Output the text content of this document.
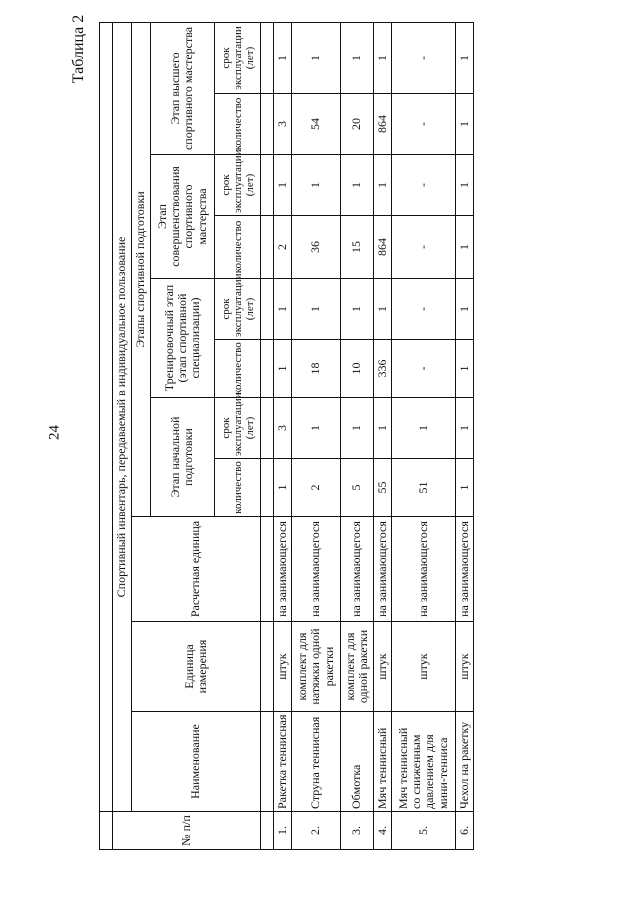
24
Таблица 2

№ п/п	Спортивный инвентарь, передаваемый в индивидуальное пользование										
	Наименование	Единица измерения	Расчетная единица	Этапы спортивной подготовки							
				Этап начальной подготовки		Тренировочный этап (этап спортивной специализации)		Этап совершенствования спортивного мастерства		Этап высшего спортивного мастерства	
				количество	срок эксплуатации (лет)	количество	срок эксплуатации (лет)	количество	срок эксплуатации (лет)	количество	срок эксплуатации (лет)

1.	Ракетка теннисная	штук	на занимающегося	1	3	1	1	2	1	3	1
2.	Струна теннисная	комплект для натяжки одной ракетки	на занимающегося	2	1	18	1	36	1	54	1
3.	Обмотка	комплект для одной ракетки	на занимающегося	5	1	10	1	15	1	20	1
4.	Мяч теннисный	штук	на занимающегося	55	1	336	1	864	1	864	1
5.	Мяч теннисный со сниженным давлением для мини-тенниса	штук	на занимающегося	51	1	-	-	-	-	-	-
6.	Чехол на ракетку	штук	на занимающегося	1	1	1	1	1	1	1	1
